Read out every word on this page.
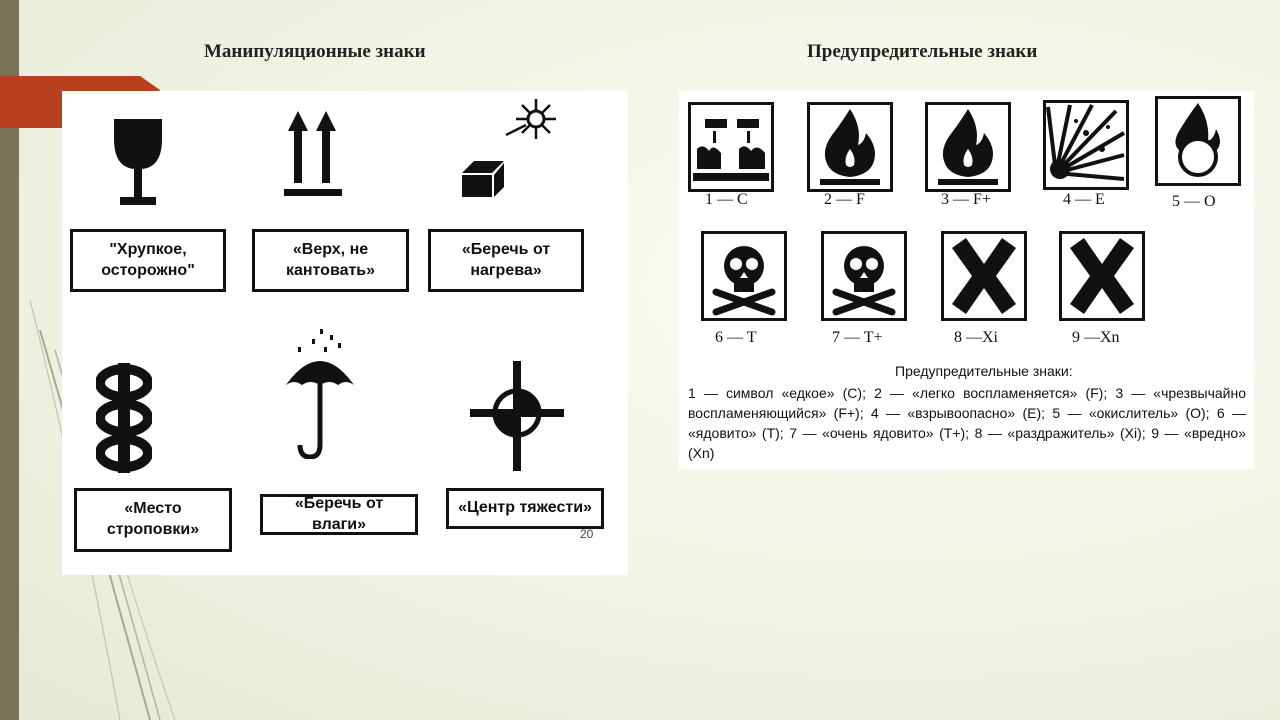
Манипуляционные знаки	Предупредительные знаки
"Хрупкое, осторожно"
«Верх, не кантовать»
«Беречь от нагрева»
«Место строповки»
«Беречь от влаги»
«Центр тяжести»
20
1 — C	2 — F	3 — F+	4 — E	5 — O
6 — T	7 — T+	8 —Xi	9 —Xn
Предупредительные знаки:
1 — символ «едкое» (С); 2 — «легко воспламеняется» (F); 3 — «чрезвычайно воспламеняющийся» (F+); 4 — «взрывоопасно» (Е); 5 — «окислитель» (О); 6 — «ядовито» (Т); 7 — «очень ядовито» (Т+); 8 — «раздражитель» (Xi); 9 — «вредно» (Хn)
